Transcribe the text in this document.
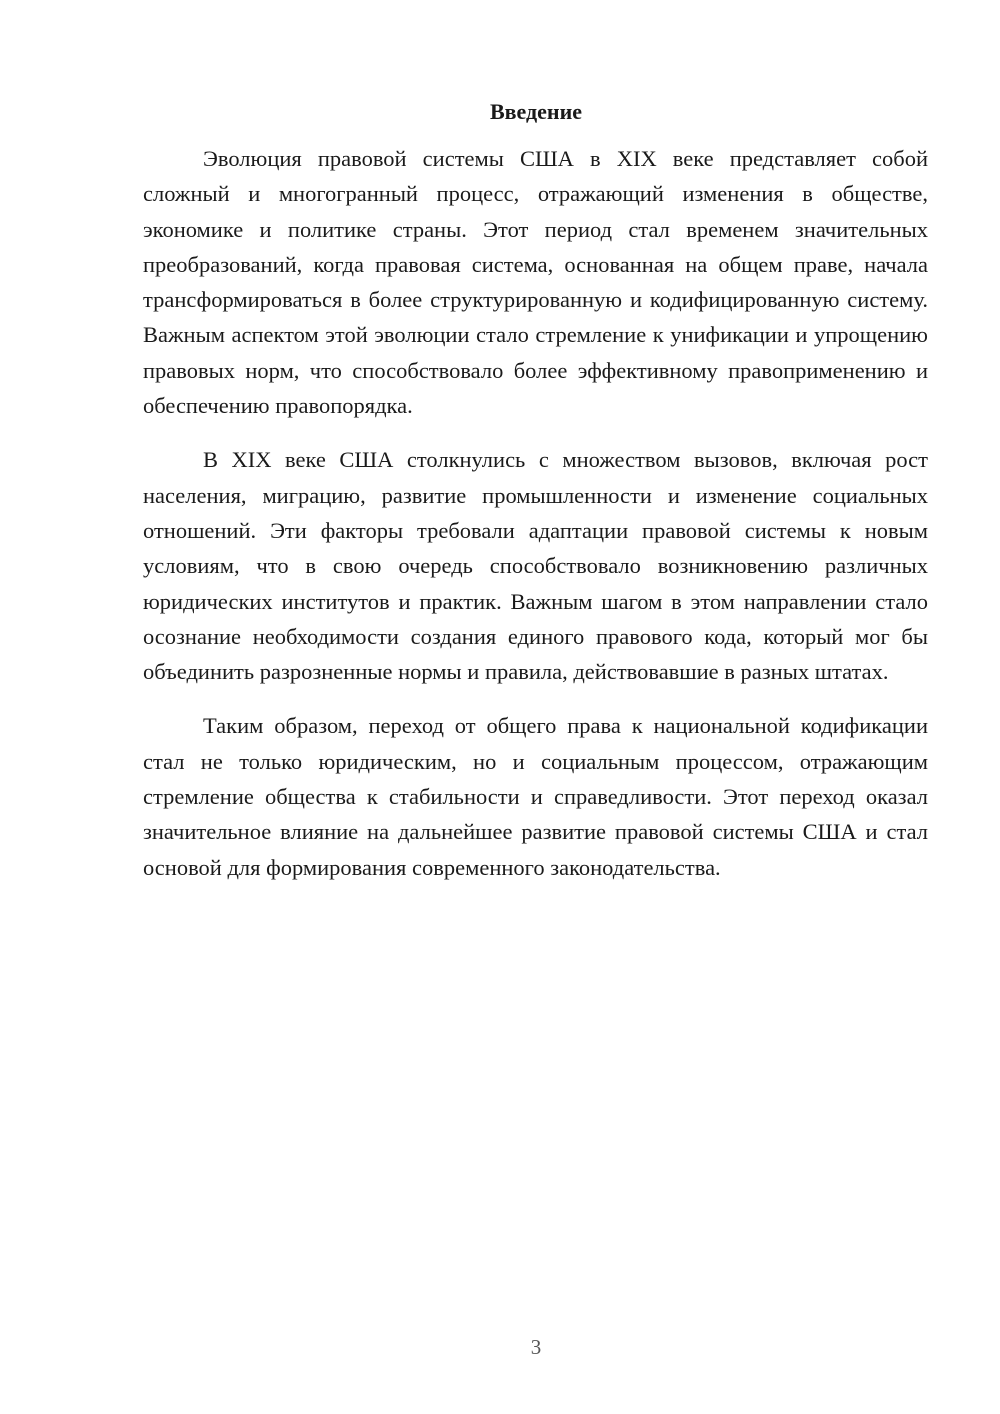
Введение

Эволюция правовой системы США в XIX веке представляет собой сложный и многогранный процесс, отражающий изменения в обществе, экономике и политике страны. Этот период стал временем значительных преобразований, когда правовая система, основанная на общем праве, начала трансформироваться в более структурированную и кодифицированную систему. Важным аспектом этой эволюции стало стремление к унификации и упрощению правовых норм, что способствовало более эффективному правоприменению и обеспечению правопорядка.

В XIX веке США столкнулись с множеством вызовов, включая рост населения, миграцию, развитие промышленности и изменение социальных отношений. Эти факторы требовали адаптации правовой системы к новым условиям, что в свою очередь способствовало возникновению различных юридических институтов и практик. Важным шагом в этом направлении стало осознание необходимости создания единого правового кода, который мог бы объединить разрозненные нормы и правила, действовавшие в разных штатах.

Таким образом, переход от общего права к национальной кодификации стал не только юридическим, но и социальным процессом, отражающим стремление общества к стабильности и справедливости. Этот переход оказал значительное влияние на дальнейшее развитие правовой системы США и стал основой для формирования современного законодательства.

3
